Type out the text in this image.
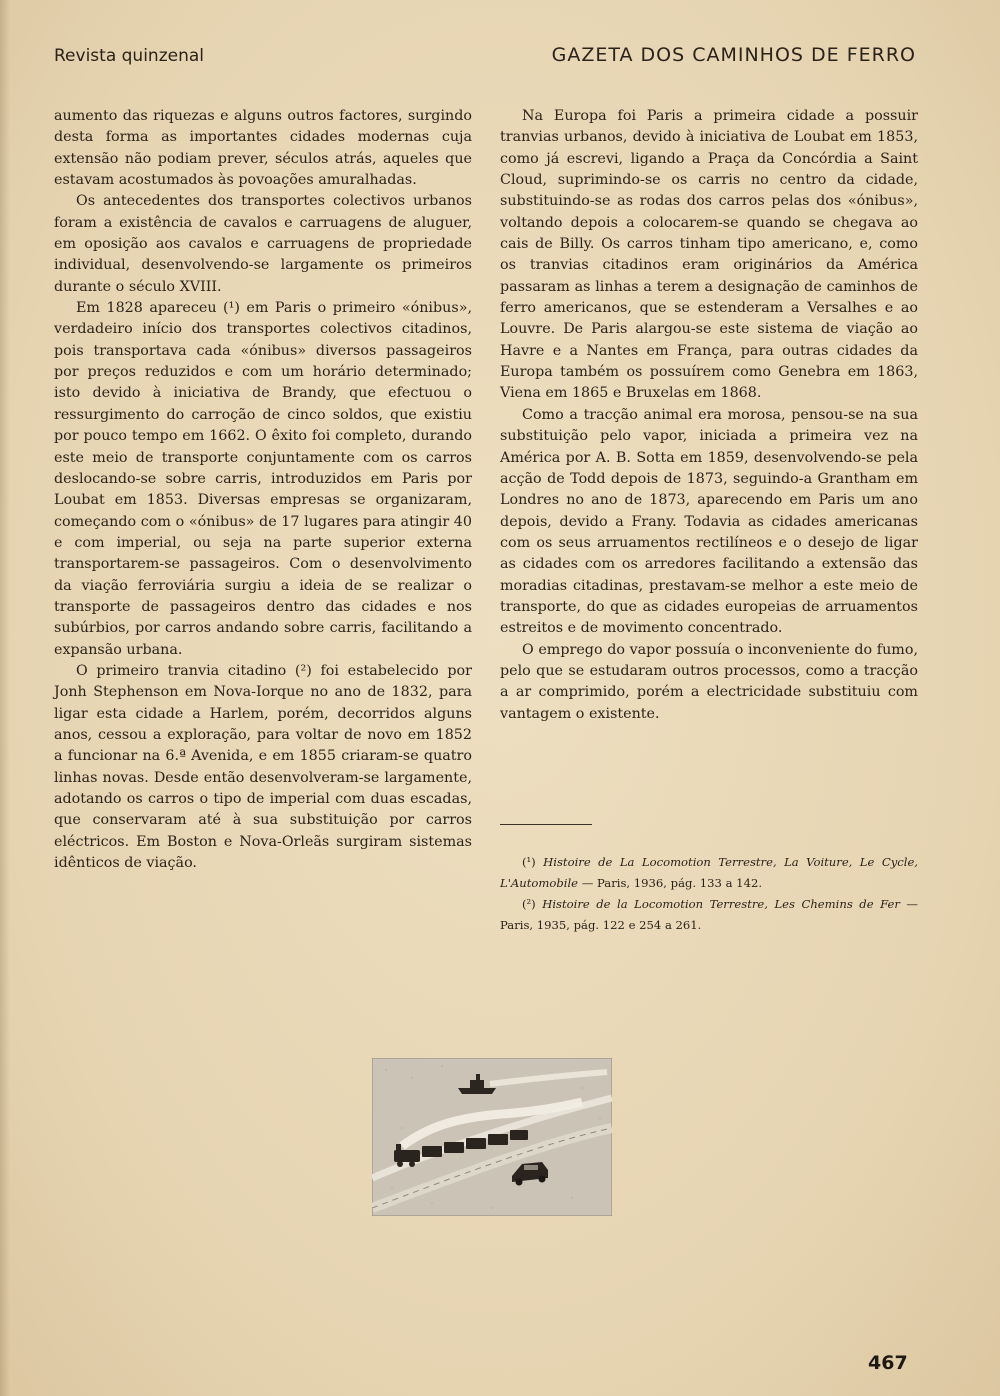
Revista quinzenal	GAZETA DOS CAMINHOS DE FERRO

aumento das riquezas e alguns outros factores, surgindo desta forma as importantes cidades modernas cuja extensão não podiam prever, séculos atrás, aqueles que estavam acostumados às povoações amuralhadas.

Os antecedentes dos transportes colectivos urbanos foram a existência de cavalos e carruagens de aluguer, em oposição aos cavalos e carruagens de propriedade individual, desenvolvendo-se largamente os primeiros durante o século XVIII.

Em 1828 apareceu (¹) em Paris o primeiro «ónibus», verdadeiro início dos transportes colectivos citadinos, pois transportava cada «ónibus» diversos passageiros por preços reduzidos e com um horário determinado; isto devido à iniciativa de Brandy, que efectuou o ressurgimento do carroção de cinco soldos, que existiu por pouco tempo em 1662. O êxito foi completo, durando este meio de transporte conjuntamente com os carros deslocando-se sobre carris, introduzidos em Paris por Loubat em 1853. Diversas empresas se organizaram, começando com o «ónibus» de 17 lugares para atingir 40 e com imperial, ou seja na parte superior externa transportarem-se passageiros. Com o desenvolvimento da viação ferroviária surgiu a ideia de se realizar o transporte de passageiros dentro das cidades e nos subúrbios, por carros andando sobre carris, facilitando a expansão urbana.

O primeiro tranvia citadino (²) foi estabelecido por Jonh Stephenson em Nova-Iorque no ano de 1832, para ligar esta cidade a Harlem, porém, decorridos alguns anos, cessou a exploração, para voltar de novo em 1852 a funcionar na 6.ª Avenida, e em 1855 criaram-se quatro linhas novas. Desde então desenvolveram-se largamente, adotando os carros o tipo de imperial com duas escadas, que conservaram até à sua substituição por carros eléctricos. Em Boston e Nova-Orleãs surgiram sistemas idênticos de viação.

Na Europa foi Paris a primeira cidade a possuir tranvias urbanos, devido à iniciativa de Loubat em 1853, como já escrevi, ligando a Praça da Concórdia a Saint Cloud, suprimindo-se os carris no centro da cidade, substituindo-se as rodas dos carros pelas dos «ónibus», voltando depois a colocarem-se quando se chegava ao cais de Billy. Os carros tinham tipo americano, e, como os tranvias citadinos eram originários da América passaram as linhas a terem a designação de caminhos de ferro americanos, que se estenderam a Versalhes e ao Louvre. De Paris alargou-se este sistema de viação ao Havre e a Nantes em França, para outras cidades da Europa também os possuírem como Genebra em 1863, Viena em 1865 e Bruxelas em 1868.

Como a tracção animal era morosa, pensou-se na sua substituição pelo vapor, iniciada a primeira vez na América por A. B. Sotta em 1859, desenvolvendo-se pela acção de Todd depois de 1873, seguindo-a Grantham em Londres no ano de 1873, aparecendo em Paris um ano depois, devido a Frany. Todavia as cidades americanas com os seus arruamentos rectilíneos e o desejo de ligar as cidades com os arredores facilitando a extensão das moradias citadinas, prestavam-se melhor a este meio de transporte, do que as cidades europeias de arruamentos estreitos e de movimento concentrado.

O emprego do vapor possuía o inconveniente do fumo, pelo que se estudaram outros processos, como a tracção a ar comprimido, porém a electricidade substituiu com vantagem o existente.

(¹) Histoire de La Locomotion Terrestre, La Voiture, Le Cycle, L'Automobile — Paris, 1936, pág. 133 a 142.

(²) Histoire de la Locomotion Terrestre, Les Chemins de Fer — Paris, 1935, pág. 122 e 254 a 261.

467
